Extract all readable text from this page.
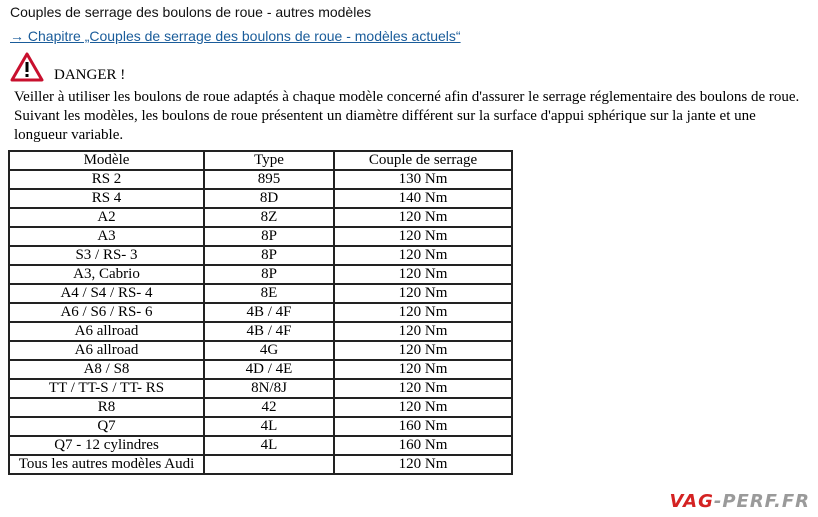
Couples de serrage des boulons de roue - autres modèles
→ Chapitre „Couples de serrage des boulons de roue - modèles actuels“
DANGER !
Veiller à utiliser les boulons de roue adaptés à chaque modèle concerné afin d'assurer le serrage réglementaire des boulons de roue. Suivant les modèles, les boulons de roue présentent un diamètre différent sur la surface d'appui sphérique sur la jante et une longueur variable.
Modèle	Type	Couple de serrage
RS 2	895	130 Nm
RS 4	8D	140 Nm
A2	8Z	120 Nm
A3	8P	120 Nm
S3 / RS- 3	8P	120 Nm
A3, Cabrio	8P	120 Nm
A4 / S4 / RS- 4	8E	120 Nm
A6 / S6 / RS- 6	4B / 4F	120 Nm
A6 allroad	4B / 4F	120 Nm
A6 allroad	4G	120 Nm
A8 / S8	4D / 4E	120 Nm
TT / TT-S / TT- RS	8N/8J	120 Nm
R8	42	120 Nm
Q7	4L	160 Nm
Q7 - 12 cylindres	4L	160 Nm
Tous les autres modèles Audi		120 Nm
VAG-PERF.FR
